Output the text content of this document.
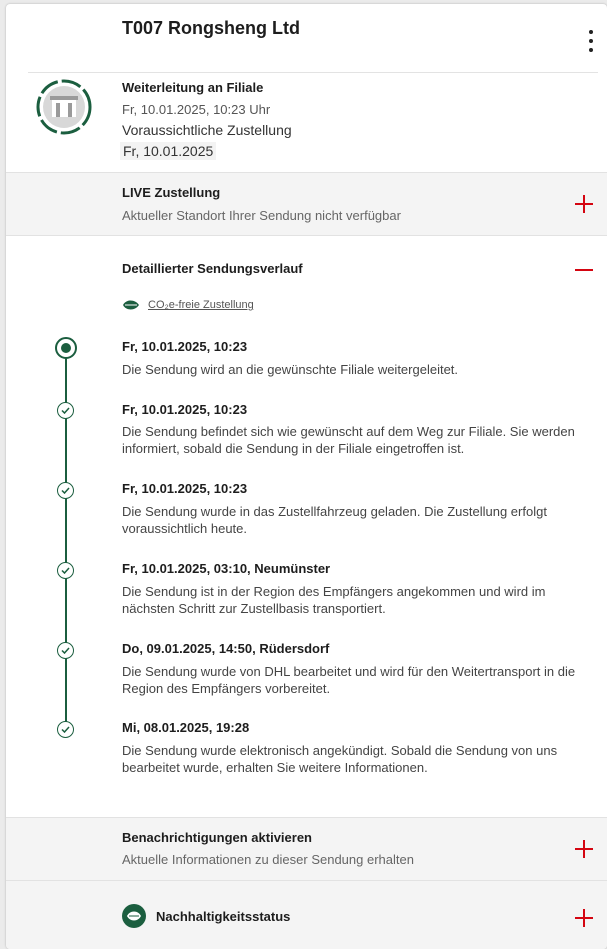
T007 Rongsheng Ltd
Weiterleitung an Filiale
Fr, 10.01.2025, 10:23 Uhr
Voraussichtliche Zustellung
Fr, 10.01.2025
LIVE Zustellung
Aktueller Standort Ihrer Sendung nicht verfügbar
Detaillierter Sendungsverlauf
CO₂e-freie Zustellung
Fr, 10.01.2025, 10:23
Die Sendung wird an die gewünschte Filiale weitergeleitet.
Fr, 10.01.2025, 10:23
Die Sendung befindet sich wie gewünscht auf dem Weg zur Filiale. Sie werden informiert, sobald die Sendung in der Filiale eingetroffen ist.
Fr, 10.01.2025, 10:23
Die Sendung wurde in das Zustellfahrzeug geladen. Die Zustellung erfolgt voraussichtlich heute.
Fr, 10.01.2025, 03:10, Neumünster
Die Sendung ist in der Region des Empfängers angekommen und wird im nächsten Schritt zur Zustellbasis transportiert.
Do, 09.01.2025, 14:50, Rüdersdorf
Die Sendung wurde von DHL bearbeitet und wird für den Weitertransport in die Region des Empfängers vorbereitet.
Mi, 08.01.2025, 19:28
Die Sendung wurde elektronisch angekündigt. Sobald die Sendung von uns bearbeitet wurde, erhalten Sie weitere Informationen.
Benachrichtigungen aktivieren
Aktuelle Informationen zu dieser Sendung erhalten
Nachhaltigkeitsstatus
